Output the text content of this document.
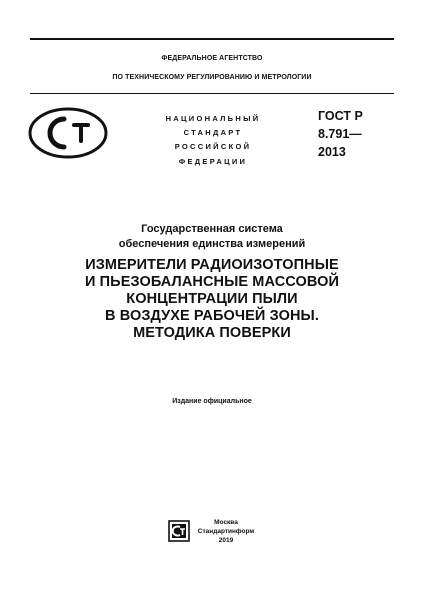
ФЕДЕРАЛЬНОЕ АГЕНТСТВО
ПО ТЕХНИЧЕСКОМУ РЕГУЛИРОВАНИЮ И МЕТРОЛОГИИ
НАЦИОНАЛЬНЫЙ
СТАНДАРТ
РОССИЙСКОЙ
ФЕДЕРАЦИИ
ГОСТ Р
8.791—
2013
Государственная система
обеспечения единства измерений
ИЗМЕРИТЕЛИ РАДИОИЗОТОПНЫЕ
И ПЬЕЗОБАЛАНСНЫЕ МАССОВОЙ
КОНЦЕНТРАЦИИ ПЫЛИ
В ВОЗДУХЕ РАБОЧЕЙ ЗОНЫ.
МЕТОДИКА ПОВЕРКИ
Издание официальное
Москва
Стандартинформ
2019
